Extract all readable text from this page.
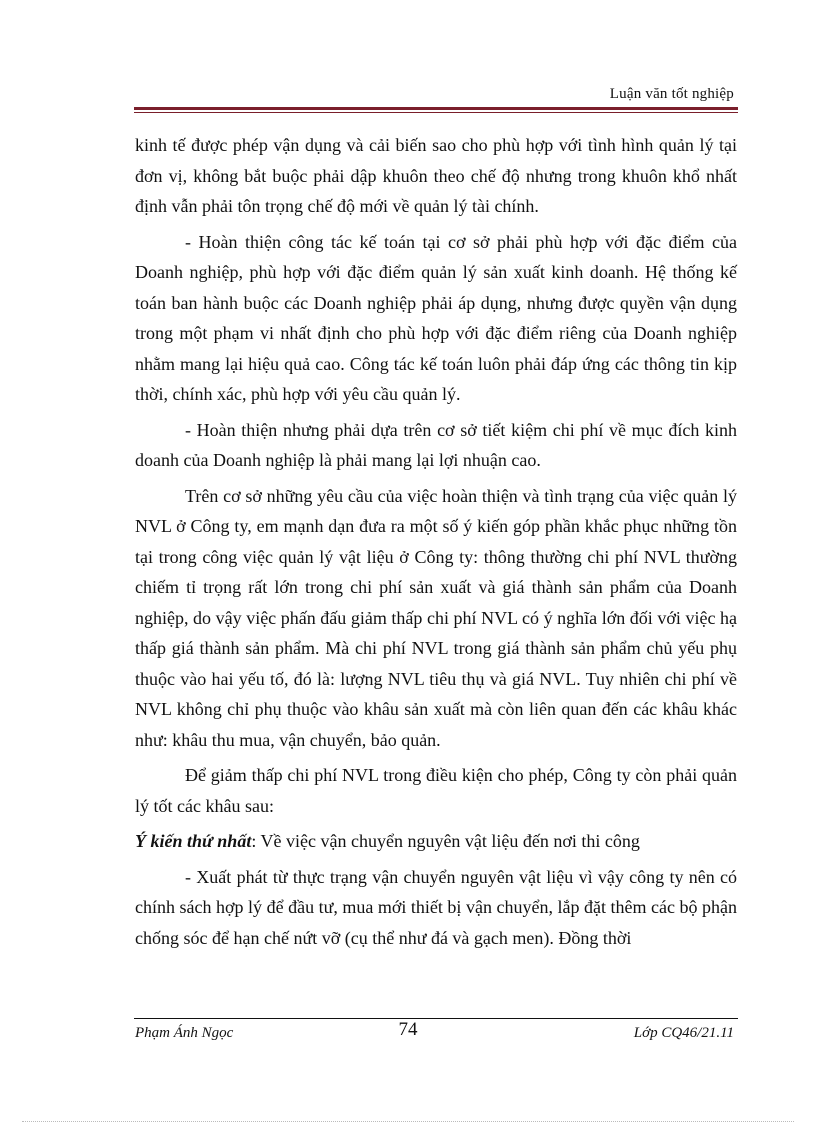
Luận văn tốt nghiệp

kinh tế được phép vận dụng và cải biến sao cho phù hợp với tình hình quản lý tại đơn vị, không bắt buộc phải dập khuôn theo chế độ nhưng trong khuôn khổ nhất định vẫn phải tôn trọng chế độ mới về quản lý tài chính.

- Hoàn thiện công tác kế toán tại cơ sở phải phù hợp với đặc điểm của Doanh nghiệp, phù hợp với đặc điểm quản lý sản xuất kinh doanh. Hệ thống kế toán ban hành buộc các Doanh nghiệp phải áp dụng, nhưng được quyền vận dụng trong một phạm vi nhất định cho phù hợp với đặc điểm riêng của Doanh nghiệp nhằm mang lại hiệu quả cao. Công tác kế toán luôn phải đáp ứng các thông tin kịp thời, chính xác, phù hợp với yêu cầu quản lý.

- Hoàn thiện nhưng phải dựa trên cơ sở tiết kiệm chi phí về mục đích kinh doanh của Doanh nghiệp là phải mang lại lợi nhuận cao.

Trên cơ sở những yêu cầu của việc hoàn thiện và tình trạng của việc quản lý NVL ở Công ty, em mạnh dạn đưa ra một số ý kiến góp phần khắc phục những tồn tại trong công việc quản lý vật liệu ở Công ty: thông thường chi phí NVL thường chiếm tỉ trọng rất lớn trong chi phí sản xuất và giá thành sản phẩm của Doanh nghiệp, do vậy việc phấn đấu giảm thấp chi phí NVL có ý nghĩa lớn đối với việc hạ thấp giá thành sản phẩm. Mà chi phí NVL trong giá thành sản phẩm chủ yếu phụ thuộc vào hai yếu tố, đó là: lượng NVL tiêu thụ và giá NVL. Tuy nhiên chi phí về NVL không chỉ phụ thuộc vào khâu sản xuất mà còn liên quan đến các khâu khác như: khâu thu mua, vận chuyển, bảo quản.

Để giảm thấp chi phí NVL trong điều kiện cho phép, Công ty còn phải quản lý tốt các khâu sau:

Ý kiến thứ nhất: Về việc vận chuyển nguyên vật liệu đến nơi thi công

- Xuất phát từ thực trạng vận chuyển nguyên vật liệu vì vậy công ty nên có chính sách hợp lý để đầu tư, mua mới thiết bị vận chuyển, lắp đặt thêm các bộ phận chống sóc để hạn chế nứt vỡ (cụ thể như đá và gạch men). Đồng thời

Phạm Ánh Ngọc	74	Lớp CQ46/21.11
